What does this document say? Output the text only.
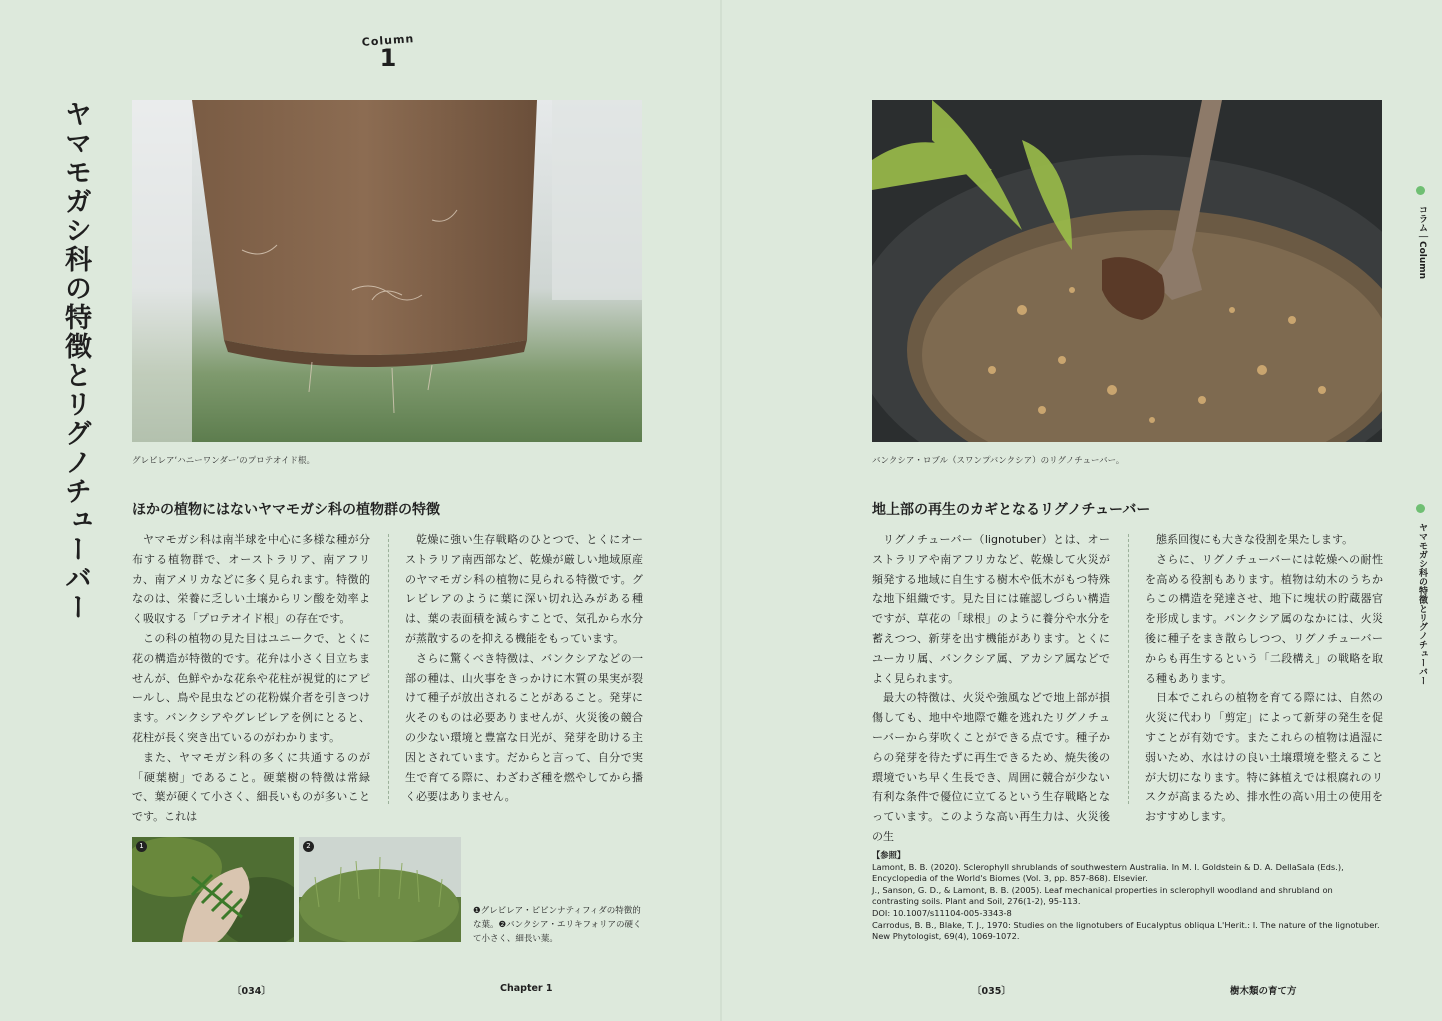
Column
1
ヤマモガシ科の特徴とリグノチューバー	グレビレア‘ハニーワンダー’のプロテオイド根。
ほかの植物にはないヤマモガシ科の植物群の特徴

ヤマモガシ科は南半球を中心に多様な種が分布する植物群で、オーストラリア、南アフリカ、南アメリカなどに多く見られます。特徴的なのは、栄養に乏しい土壌からリン酸を効率よく吸収する「プロテオイド根」の存在です。

この科の植物の見た目はユニークで、とくに花の構造が特徴的です。花弁は小さく目立ちませんが、色鮮やかな花糸や花柱が視覚的にアピールし、鳥や昆虫などの花粉媒介者を引きつけます。バンクシアやグレビレアを例にとると、花柱が長く突き出ているのがわかります。

また、ヤマモガシ科の多くに共通するのが「硬葉樹」であること。硬葉樹の特徴は常緑で、葉が硬くて小さく、細長いものが多いことです。これは

乾燥に強い生存戦略のひとつで、とくにオーストラリア南西部など、乾燥が厳しい地域原産のヤマモガシ科の植物に見られる特徴です。グレビレアのように葉に深い切れ込みがある種は、葉の表面積を減らすことで、気孔から水分が蒸散するのを抑える機能をもっています。

さらに驚くべき特徴は、バンクシアなどの一部の種は、山火事をきっかけに木質の果実が裂けて種子が放出されることがあること。発芽に火そのものは必要ありませんが、火災後の競合の少ない環境と豊富な日光が、発芽を助ける主因とされています。だからと言って、自分で実生で育てる際に、わざわざ種を燃やしてから播く必要はありません。

1	2
❶グレビレア・ピピンナティフィダの特徴的な葉。❷バンクシア・エリキフォリアの硬くて小さく、細長い葉。
〔034〕	Chapter 1
バンクシア・ロブル（スワンプバンクシア）のリグノチューバー。
地上部の再生のカギとなるリグノチューバー

リグノチューバー（lignotuber）とは、オーストラリアや南アフリカなど、乾燥して火災が頻発する地域に自生する樹木や低木がもつ特殊な地下組織です。見た目には確認しづらい構造ですが、草花の「球根」のように養分や水分を蓄えつつ、新芽を出す機能があります。とくにユーカリ属、バンクシア属、アカシア属などでよく見られます。

最大の特徴は、火災や強風などで地上部が損傷しても、地中や地際で難を逃れたリグノチューバーから芽吹くことができる点です。種子からの発芽を待たずに再生できるため、焼失後の環境でいち早く生長でき、周囲に競合が少ない有利な条件で優位に立てるという生存戦略となっています。このような高い再生力は、火災後の生

態系回復にも大きな役割を果たします。

さらに、リグノチューバーには乾燥への耐性を高める役割もあります。植物は幼木のうちからこの構造を発達させ、地下に塊状の貯蔵器官を形成します。バンクシア属のなかには、火災後に種子をまき散らしつつ、リグノチューバーからも再生するという「二段構え」の戦略を取る種もあります。

日本でこれらの植物を育てる際には、自然の火災に代わり「剪定」によって新芽の発生を促すことが有効です。またこれらの植物は過湿に弱いため、水はけの良い土壌環境を整えることが大切になります。特に鉢植えでは根腐れのリスクが高まるため、排水性の高い用土の使用をおすすめします。

【参照】
Lamont, B. B. (2020). Sclerophyll shrublands of southwestern Australia. In M. I. Goldstein & D. A. DellaSala (Eds.), Encyclopedia of the World's Biomes (Vol. 3, pp. 857-868). Elsevier.
J., Sanson, G. D., & Lamont, B. B. (2005). Leaf mechanical properties in sclerophyll woodland and shrubland on contrasting soils. Plant and Soil, 276(1-2), 95-113.
DOI: 10.1007/s11104-005-3343-8
Carrodus, B. B., Blake, T. J., 1970: Studies on the lignotubers of Eucalyptus obliqua L'Herit.: I. The nature of the lignotuber. New Phytologist, 69(4), 1069-1072.
〔035〕	樹木類の育て方
コラム｜Column
ヤマモガシ科の特徴とリグノチューバー
